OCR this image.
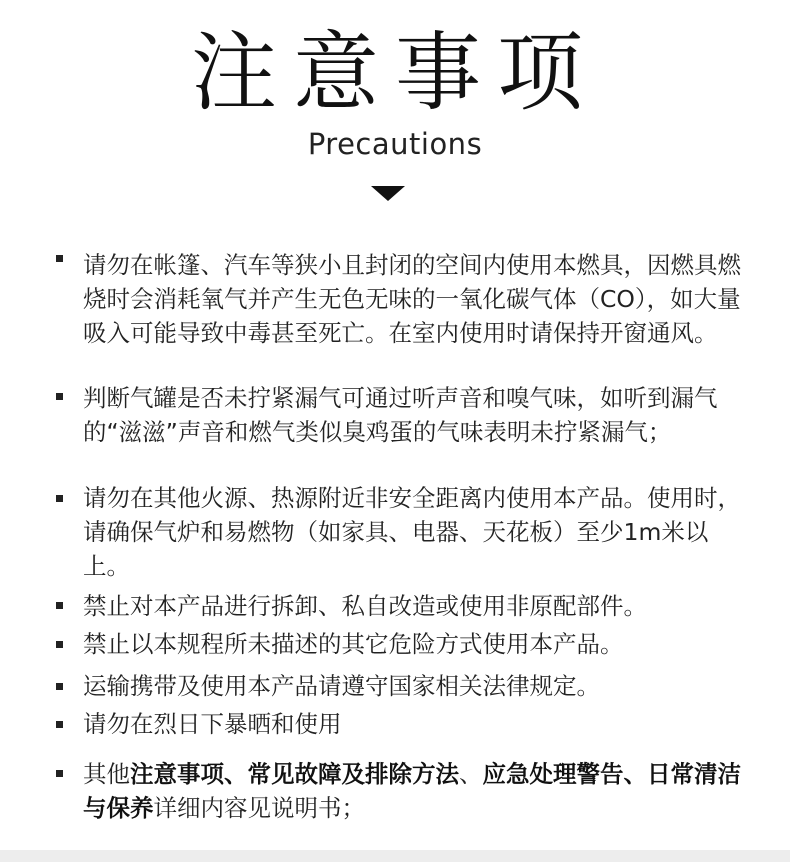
注意事项
Precautions
请勿在帐篷、汽车等狭小且封闭的空间内使用本燃具，因燃具燃烧时会消耗氧气并产生无色无味的一氧化碳气体（CO），如大量吸入可能导致中毒甚至死亡。在室内使用时请保持开窗通风。
判断气罐是否未拧紧漏气可通过听声音和嗅气味，如听到漏气的“滋滋”声音和燃气类似臭鸡蛋的气味表明未拧紧漏气；
请勿在其他火源、热源附近非安全距离内使用本产品。使用时，请确保气炉和易燃物（如家具、电器、天花板）至少1m米以上。
禁止对本产品进行拆卸、私自改造或使用非原配部件。
禁止以本规程所未描述的其它危险方式使用本产品。
运输携带及使用本产品请遵守国家相关法律规定。
请勿在烈日下暴晒和使用
其他注意事项、常见故障及排除方法、应急处理警告、日常清洁与保养详细内容见说明书；
